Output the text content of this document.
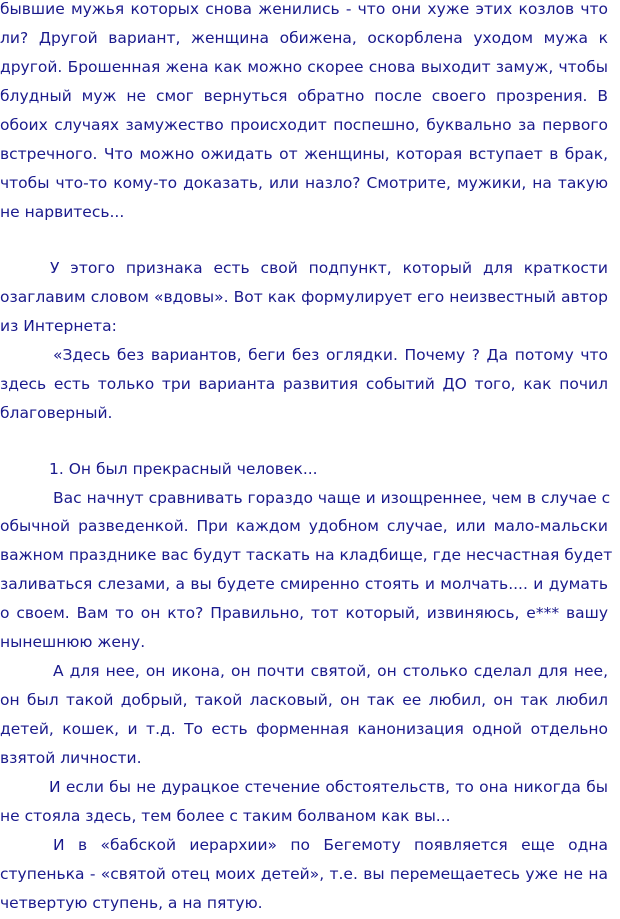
бывшие мужья которых снова женились - что они хуже этих козлов что
ли? Другой вариант, женщина обижена, оскорблена уходом мужа к
другой. Брошенная жена как можно скорее снова выходит замуж, чтобы
блудный муж не смог вернуться обратно после своего прозрения. В
обоих случаях замужество происходит поспешно, буквально за первого
встречного. Что можно ожидать от женщины, которая вступает в брак,
чтобы что-то кому-то доказать, или назло? Смотрите, мужики, на такую
не нарвитесь...
У этого признака есть свой подпункт, который для краткости
озаглавим словом «вдовы». Вот как формулирует его неизвестный автор
из Интернета:
«Здесь без вариантов, беги без оглядки. Почему ? Да потому что
здесь есть только три варианта развития событий ДО того, как почил
благоверный.
1. Он был прекрасный человек...
Вас начнут сравнивать гораздо чаще и изощреннее, чем в случае с
обычной разведенкой. При каждом удобном случае, или мало-мальски
важном празднике вас будут таскать на кладбище, где несчастная будет
заливаться слезами, а вы будете смиренно стоять и молчать.... и думать
о своем. Вам то он кто? Правильно, тот который, извиняюсь, е*** вашу
нынешнюю жену.
А для нее, он икона, он почти святой, он столько сделал для нее,
он был такой добрый, такой ласковый, он так ее любил, он так любил
детей, кошек, и т.д. То есть форменная канонизация одной отдельно
взятой личности.
И если бы не дурацкое стечение обстоятельств, то она никогда бы
не стояла здесь, тем более с таким болваном как вы...
И в «бабской иерархии» по Бегемоту появляется еще одна
ступенька - «святой отец моих детей», т.е. вы перемещаетесь уже не на
четвертую ступень, а на пятую.
